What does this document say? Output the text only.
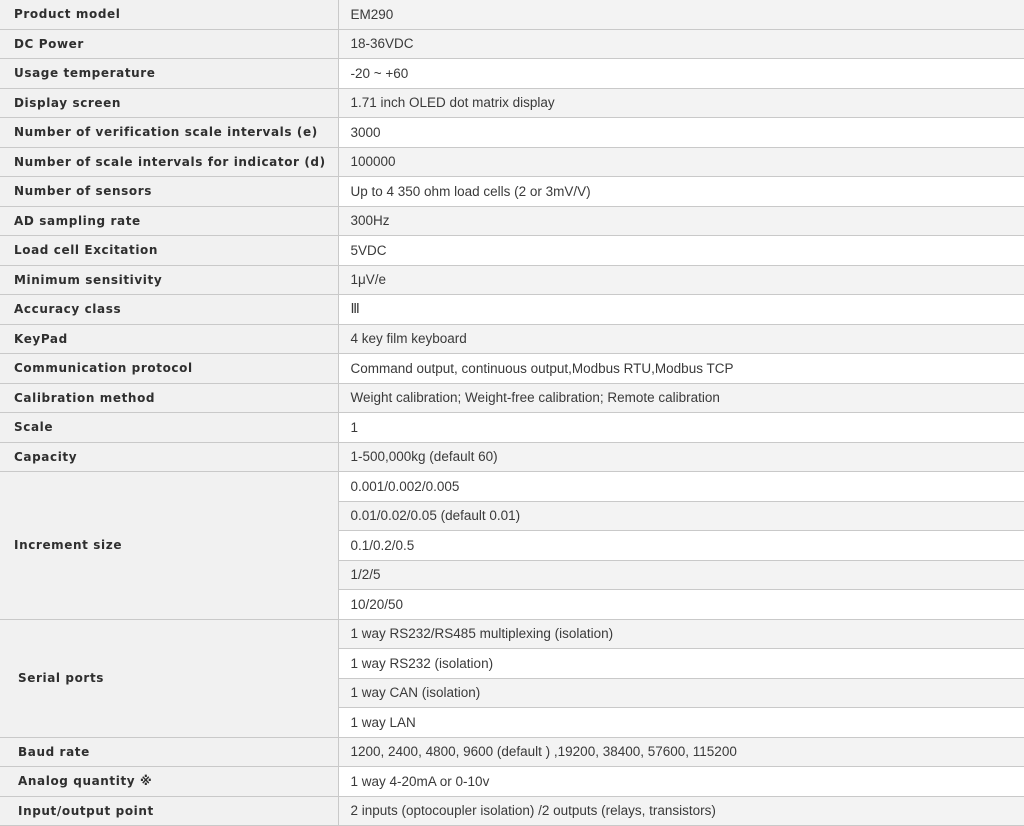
Product model	EM290
DC Power	18-36VDC
Usage temperature	-20 ~ +60
Display screen	1.71 inch OLED dot matrix display
Number of verification scale intervals (e)	3000
Number of scale intervals for indicator (d)	100000
Number of sensors	Up to 4 350 ohm load cells (2 or 3mV/V)
AD sampling rate	300Hz
Load cell Excitation	5VDC
Minimum sensitivity	1μV/e
Accuracy class	Ⅲ
KeyPad	4 key film keyboard
Communication protocol	Command output, continuous output,Modbus RTU,Modbus TCP
Calibration method	Weight calibration; Weight-free calibration; Remote calibration
Scale	1
Capacity	1-500,000kg (default 60)
Increment size	0.001/0.002/0.005
	0.01/0.02/0.05 (default 0.01)
	0.1/0.2/0.5
	1/2/5
	10/20/50
Serial ports	1 way RS232/RS485 multiplexing (isolation)
	1 way RS232 (isolation)
	1 way CAN (isolation)
	1 way LAN
Baud rate	1200, 2400, 4800, 9600 (default ) ,19200, 38400, 57600, 115200
Analog quantity ※	1 way 4-20mA or 0-10v
Input/output point	2 inputs (optocoupler isolation) /2 outputs (relays, transistors)
